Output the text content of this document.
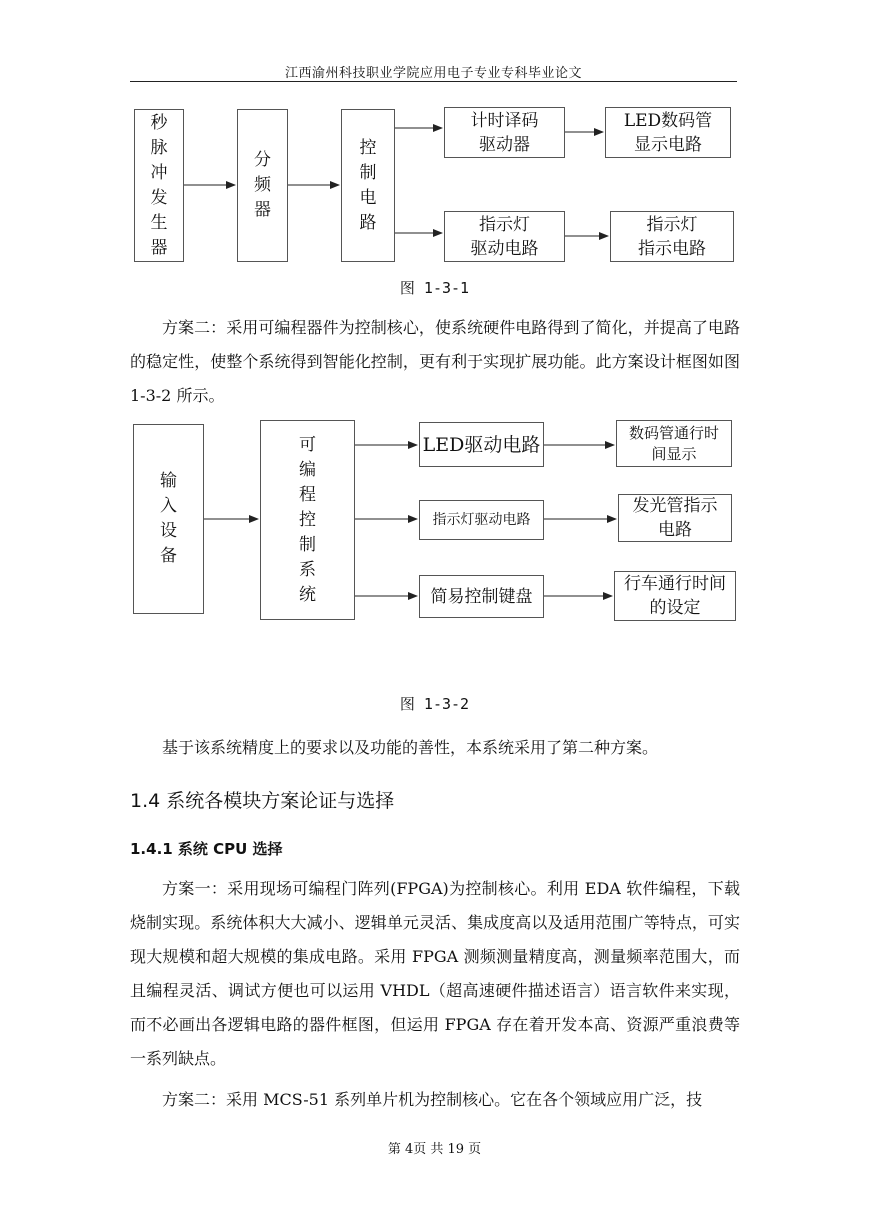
江西渝州科技职业学院应用电子专业专科毕业论文
秒脉冲发生器
分频器
控制电路
计时译码
驱动器
LED数码管
显示电路
指示灯
驱动电路
指示灯
指示电路
图 1-3-1
方案二：采用可编程器件为控制核心，使系统硬件电路得到了简化，并提高了电路的稳定性，使整个系统得到智能化控制，更有利于实现扩展功能。此方案设计框图如图 1-3-2 所示。
输入设备
可编程控制系统
LED驱动电路
指示灯驱动电路
简易控制键盘
数码管通行时
间显示
发光管指示
电路
行车通行时间
的设定
图 1-3-2
基于该系统精度上的要求以及功能的善性，本系统采用了第二种方案。
1.4 系统各模块方案论证与选择
1.4.1 系统 CPU 选择
方案一：采用现场可编程门阵列(FPGA)为控制核心。利用 EDA 软件编程，下载烧制实现。系统体积大大减小、逻辑单元灵活、集成度高以及适用范围广等特点，可实现大规模和超大规模的集成电路。采用 FPGA 测频测量精度高，测量频率范围大，而且编程灵活、调试方便也可以运用 VHDL（超高速硬件描述语言）语言软件来实现，而不必画出各逻辑电路的器件框图，但运用 FPGA 存在着开发本高、资源严重浪费等一系列缺点。
方案二：采用 MCS-51 系列单片机为控制核心。它在各个领域应用广泛，技
第 4页 共 19 页
